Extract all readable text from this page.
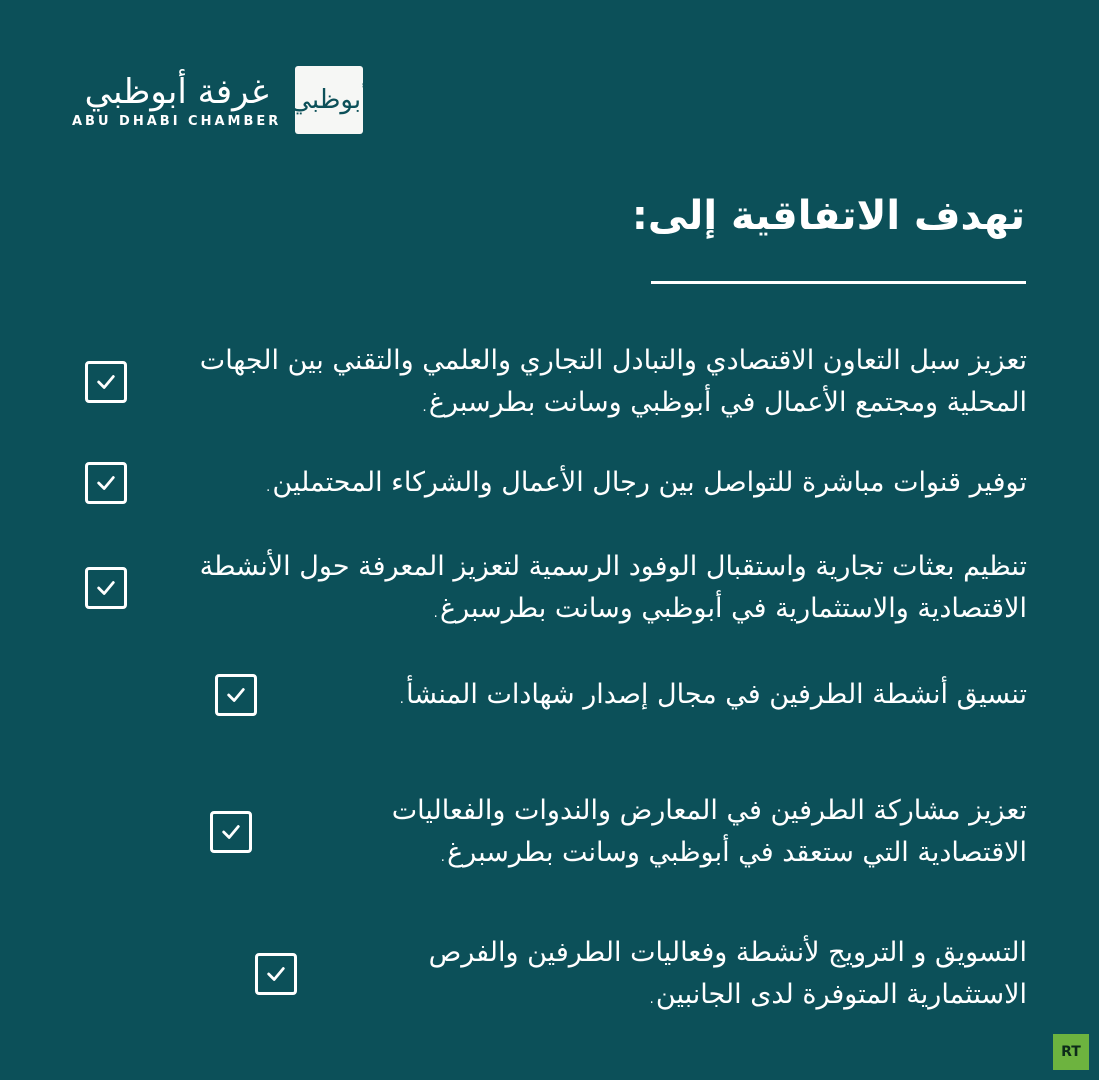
غرفة أبوظبي
ABU DHABI CHAMBER
أبوظبي
تهدف الاتفاقية إلى:
تعزيز سبل التعاون الاقتصادي والتبادل التجاري والعلمي والتقني بين الجهات المحلية ومجتمع الأعمال في أبوظبي وسانت بطرسبرغ.
توفير قنوات مباشرة للتواصل بين رجال الأعمال والشركاء المحتملين.
تنظيم بعثات تجارية واستقبال الوفود الرسمية لتعزيز المعرفة حول الأنشطة الاقتصادية والاستثمارية في أبوظبي وسانت بطرسبرغ.
تنسيق أنشطة الطرفين في مجال إصدار شهادات المنشأ.
تعزيز مشاركة الطرفين في المعارض والندوات والفعاليات الاقتصادية التي ستعقد في أبوظبي وسانت بطرسبرغ.
التسويق و الترويج لأنشطة وفعاليات الطرفين والفرص الاستثمارية المتوفرة لدى الجانبين.
RT
